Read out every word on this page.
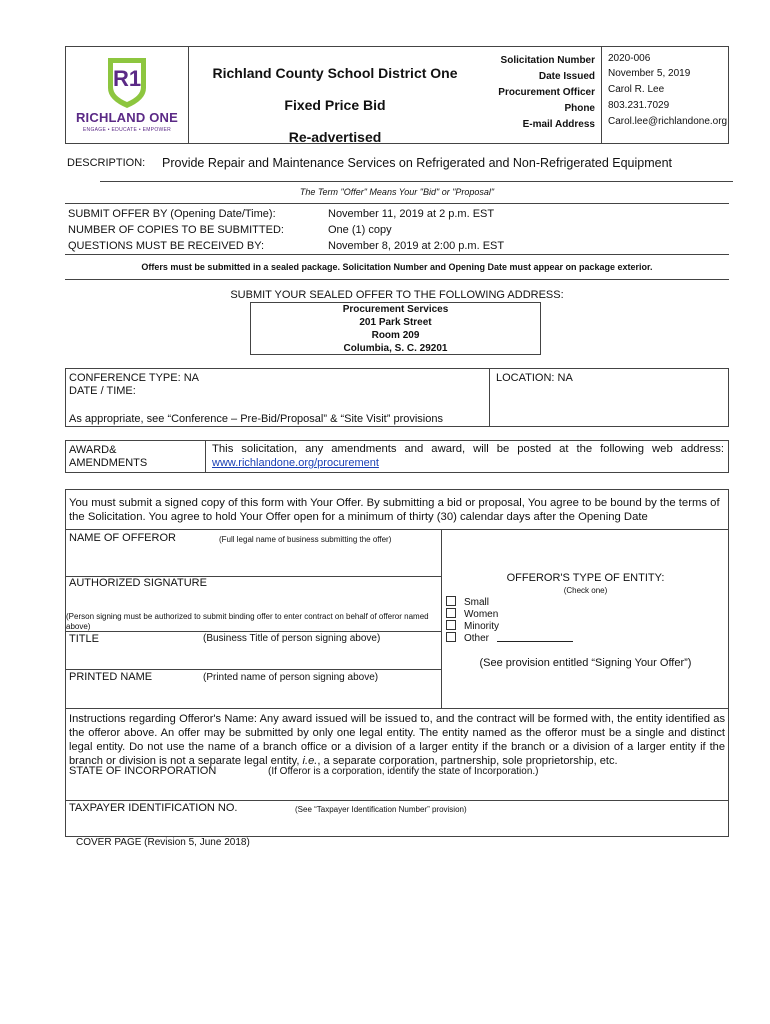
R1
RICHLAND ONE
ENGAGE • EDUCATE • EMPOWER
Richland County School District One
Fixed Price Bid
Re-advertised
Solicitation Number 2020-006
Date Issued November 5, 2019
Procurement Officer Carol R. Lee
Phone 803.231.7029
E-mail Address Carol.lee@richlandone.org
DESCRIPTION: Provide Repair and Maintenance Services on Refrigerated and Non-Refrigerated Equipment
The Term "Offer" Means Your "Bid" or "Proposal"
SUBMIT OFFER BY (Opening Date/Time):	November 11, 2019 at 2 p.m. EST
NUMBER OF COPIES TO BE SUBMITTED:	One (1) copy
QUESTIONS MUST BE RECEIVED BY:	November 8, 2019 at 2:00 p.m. EST
Offers must be submitted in a sealed package. Solicitation Number and Opening Date must appear on package exterior.
SUBMIT YOUR SEALED OFFER TO THE FOLLOWING ADDRESS:
Procurement Services
201 Park Street
Room 209
Columbia, S. C. 29201
CONFERENCE TYPE: NA
DATE / TIME:
LOCATION: NA
As appropriate, see “Conference – Pre-Bid/Proposal” & “Site Visit” provisions
AWARD&
AMENDMENTS
This solicitation, any amendments and award, will be posted at the following web address:
www.richlandone.org/procurement
You must submit a signed copy of this form with Your Offer. By submitting a bid or proposal, You agree to be bound by the terms of the Solicitation. You agree to hold Your Offer open for a minimum of thirty (30) calendar days after the Opening Date
NAME OF OFFEROR	(Full legal name of business submitting the offer)
AUTHORIZED SIGNATURE
(Person signing must be authorized to submit binding offer to enter contract on behalf of offeror named above)
TITLE	(Business Title of person signing above)
PRINTED NAME	(Printed name of person signing above)
OFFEROR'S TYPE OF ENTITY:
(Check one)
Small
Women
Minority
Other
(See provision entitled “Signing Your Offer”)
Instructions regarding Offeror's Name: Any award issued will be issued to, and the contract will be formed with, the entity identified as the offeror above. An offer may be submitted by only one legal entity. The entity named as the offeror must be a single and distinct legal entity. Do not use the name of a branch office or a division of a larger entity if the branch or a division of a larger entity if the branch or division is not a separate legal entity, i.e., a separate corporation, partnership, sole proprietorship, etc.
STATE OF INCORPORATION	(If Offeror is a corporation, identify the state of Incorporation.)
TAXPAYER IDENTIFICATION NO.	(See “Taxpayer Identification Number” provision)
COVER PAGE (Revision 5, June 2018)
